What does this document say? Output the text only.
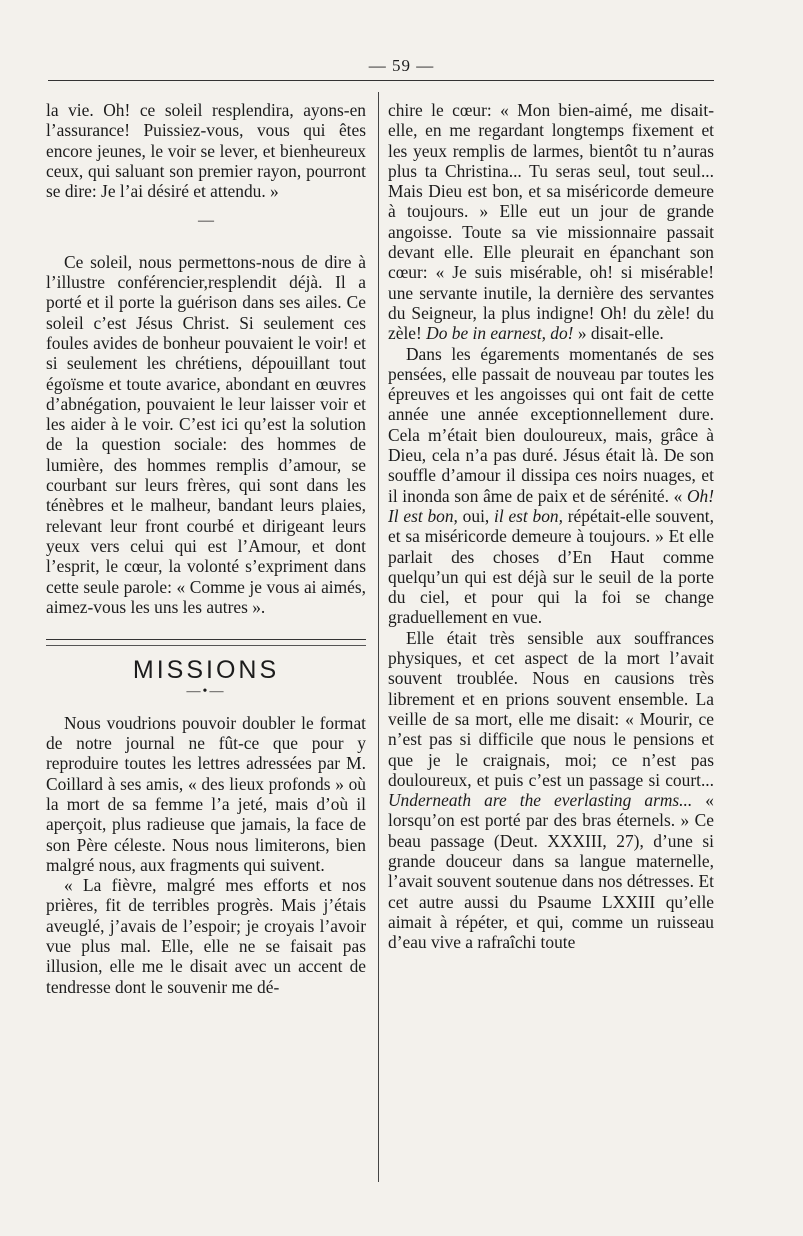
— 59 —

la vie. Oh! ce soleil resplendira, ayons-en l’assurance! Puissiez-vous, vous qui êtes encore jeunes, le voir se lever, et bienheureux ceux, qui saluant son premier rayon, pourront se dire: Je l’ai désiré et attendu. »

—

Ce soleil, nous permettons-nous de dire à l’illustre conférencier,resplendit déjà. Il a porté et il porte la guérison dans ses ailes. Ce soleil c’est Jésus Christ. Si seulement ces foules avides de bonheur pouvaient le voir! et si seulement les chrétiens, dépouillant tout égoïsme et toute avarice, abondant en œuvres d’abnégation, pouvaient le leur laisser voir et les aider à le voir. C’est ici qu’est la solution de la question sociale: des hommes de lumière, des hommes remplis d’amour, se courbant sur leurs frères, qui sont dans les ténèbres et le malheur, bandant leurs plaies, relevant leur front courbé et dirigeant leurs yeux vers celui qui est l’Amour, et dont l’esprit, le cœur, la volonté s’expriment dans cette seule parole: « Comme je vous ai aimés, aimez-vous les uns les autres ».

MISSIONS
—•—

Nous voudrions pouvoir doubler le format de notre journal ne fût-ce que pour y reproduire toutes les lettres adressées par M. Coillard à ses amis, « des lieux profonds » où la mort de sa femme l’a jeté, mais d’où il aperçoit, plus radieuse que jamais, la face de son Père céleste. Nous nous limiterons, bien malgré nous, aux fragments qui suivent.

« La fièvre, malgré mes efforts et nos prières, fit de terribles progrès. Mais j’étais aveuglé, j’avais de l’espoir; je croyais l’avoir vue plus mal. Elle, elle ne se faisait pas illusion, elle me le disait avec un accent de tendresse dont le souvenir me dé-

chire le cœur: « Mon bien-aimé, me disait-elle, en me regardant longtemps fixement et les yeux remplis de larmes, bientôt tu n’auras plus ta Christina... Tu seras seul, tout seul... Mais Dieu est bon, et sa miséricorde demeure à toujours. » Elle eut un jour de grande angoisse. Toute sa vie missionnaire passait devant elle. Elle pleurait en épanchant son cœur: « Je suis misérable, oh! si misérable! une servante inutile, la dernière des servantes du Seigneur, la plus indigne! Oh! du zèle! du zèle! Do be in earnest, do! » disait-elle.

Dans les égarements momentanés de ses pensées, elle passait de nouveau par toutes les épreuves et les angoisses qui ont fait de cette année une année exceptionnellement dure. Cela m’était bien douloureux, mais, grâce à Dieu, cela n’a pas duré. Jésus était là. De son souffle d’amour il dissipa ces noirs nuages, et il inonda son âme de paix et de sérénité. « Oh! Il est bon, oui, il est bon, répétait-elle souvent, et sa miséricorde demeure à toujours. » Et elle parlait des choses d’En Haut comme quelqu’un qui est déjà sur le seuil de la porte du ciel, et pour qui la foi se change graduellement en vue.

Elle était très sensible aux souffrances physiques, et cet aspect de la mort l’avait souvent troublée. Nous en causions très librement et en prions souvent ensemble. La veille de sa mort, elle me disait: « Mourir, ce n’est pas si difficile que nous le pensions et que je le craignais, moi; ce n’est pas douloureux, et puis c’est un passage si court... Underneath are the everlasting arms... « lorsqu’on est porté par des bras éternels. » Ce beau passage (Deut. XXXIII, 27), d’une si grande douceur dans sa langue maternelle, l’avait souvent soutenue dans nos détresses. Et cet autre aussi du Psaume LXXIII qu’elle aimait à répéter, et qui, comme un ruisseau d’eau vive a rafraîchi toute
